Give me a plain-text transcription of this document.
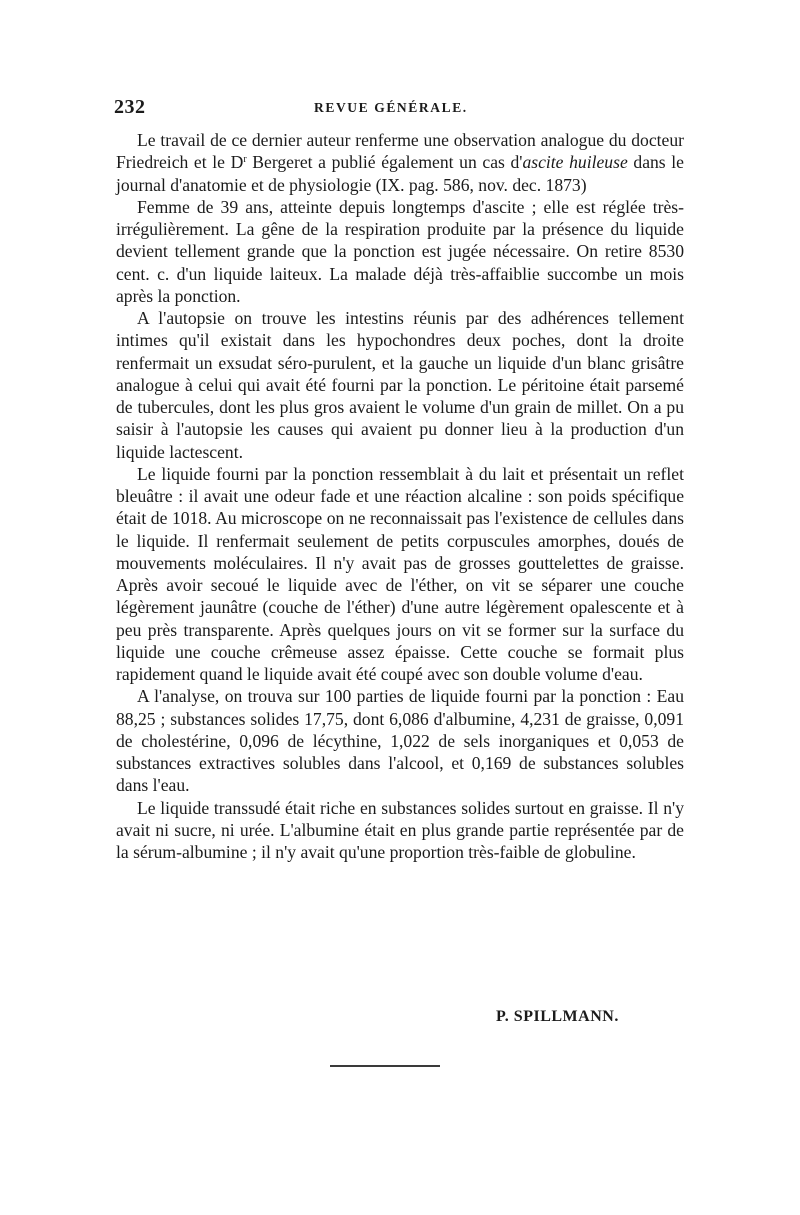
232	REVUE GÉNÉRALE.

Le travail de ce dernier auteur renferme une observation analogue du docteur Friedreich et le $D^r$ Bergeret a publié également un cas d'ascite huileuse dans le journal d'anatomie et de physiologie (IX. pag. 586, nov. dec. 1873)

Femme de 39 ans, atteinte depuis longtemps d'ascite ; elle est réglée très-irrégulièrement. La gêne de la respiration produite par la présence du liquide devient tellement grande que la ponction est jugée nécessaire. On retire 8530 cent. c. d'un liquide laiteux. La malade déjà très-affaiblie succombe un mois après la ponction.

A l'autopsie on trouve les intestins réunis par des adhérences tellement intimes qu'il existait dans les hypochondres deux poches, dont la droite renfermait un exsudat séro-purulent, et la gauche un liquide d'un blanc grisâtre analogue à celui qui avait été fourni par la ponction. Le péritoine était parsemé de tubercules, dont les plus gros avaient le volume d'un grain de millet. On a pu saisir à l'autopsie les causes qui avaient pu donner lieu à la production d'un liquide lactescent.

Le liquide fourni par la ponction ressemblait à du lait et présentait un reflet bleuâtre : il avait une odeur fade et une réaction alcaline : son poids spécifique était de 1018. Au microscope on ne reconnaissait pas l'existence de cellules dans le liquide. Il renfermait seulement de petits corpuscules amorphes, doués de mouvements moléculaires. Il n'y avait pas de grosses gouttelettes de graisse. Après avoir secoué le liquide avec de l'éther, on vit se séparer une couche légèrement jaunâtre (couche de l'éther) d'une autre légèrement opalescente et à peu près transparente. Après quelques jours on vit se former sur la surface du liquide une couche crêmeuse assez épaisse. Cette couche se formait plus rapidement quand le liquide avait été coupé avec son double volume d'eau.

A l'analyse, on trouva sur 100 parties de liquide fourni par la ponction : Eau 88,25 ; substances solides 17,75, dont 6,086 d'albumine, 4,231 de graisse, 0,091 de cholestérine, 0,096 de lécythine, 1,022 de sels inorganiques et 0,053 de substances extractives solubles dans l'alcool, et 0,169 de substances solubles dans l'eau.

Le liquide transsudé était riche en substances solides surtout en graisse. Il n'y avait ni sucre, ni urée. L'albumine était en plus grande partie représentée par de la sérum-albumine ; il n'y avait qu'une proportion très-faible de globuline.

P. SPILLMANN.
